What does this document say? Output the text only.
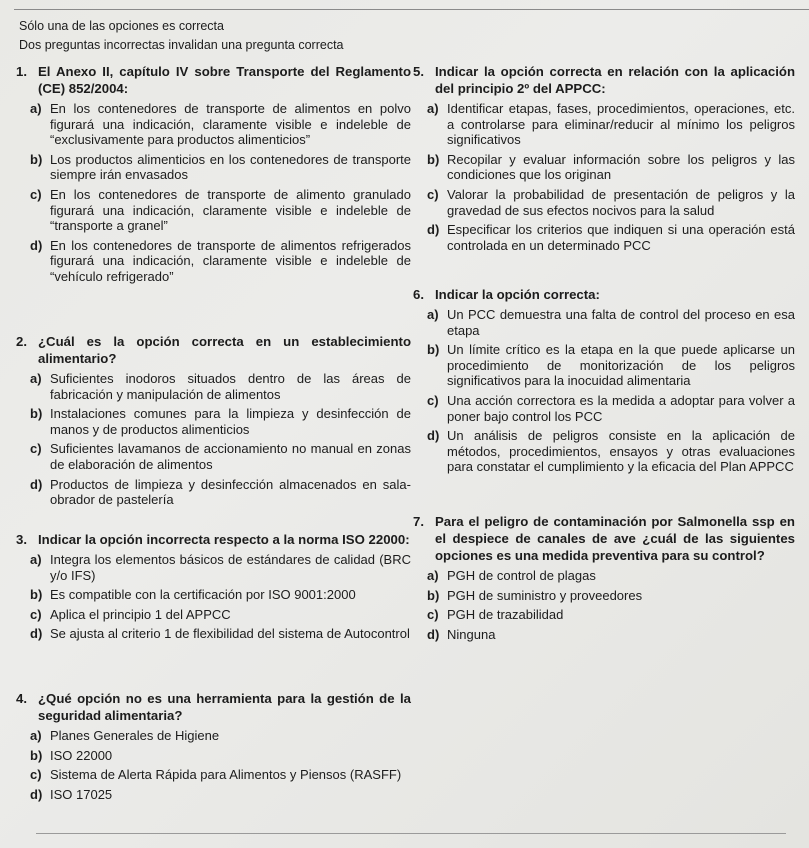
Sólo una de las opciones es correcta
Dos preguntas incorrectas invalidan una pregunta correcta
1. El Anexo II, capítulo IV sobre Transporte del Reglamento (CE) 852/2004:
a) En los contenedores de transporte de alimentos en polvo figurará una indicación, claramente visible e indeleble de “exclusivamente para productos alimenticios”
b) Los productos alimenticios en los contenedores de transporte siempre irán envasados
c) En los contenedores de transporte de alimento granulado figurará una indicación, claramente visible e indeleble de “transporte a granel”
d) En los contenedores de transporte de alimentos refrigerados figurará una indicación, claramente visible e indeleble de “vehículo refrigerado”
2. ¿Cuál es la opción correcta en un establecimiento alimentario?
a) Suficientes inodoros situados dentro de las áreas de fabricación y manipulación de alimentos
b) Instalaciones comunes para la limpieza y desinfección de manos y de productos alimenticios
c) Suficientes lavamanos de accionamiento no manual en zonas de elaboración de alimentos
d) Productos de limpieza y desinfección almacenados en sala-obrador de pastelería
3. Indicar la opción incorrecta respecto a la norma ISO 22000:
a) Integra los elementos básicos de estándares de calidad (BRC y/o IFS)
b) Es compatible con la certificación por ISO 9001:2000
c) Aplica el principio 1 del APPCC
d) Se ajusta al criterio 1 de flexibilidad del sistema de Autocontrol
4. ¿Qué opción no es una herramienta para la gestión de la seguridad alimentaria?
a) Planes Generales de Higiene
b) ISO 22000
c) Sistema de Alerta Rápida para Alimentos y Piensos (RASFF)
d) ISO 17025
5. Indicar la opción correcta en relación con la aplicación del principio 2º del APPCC:
a) Identificar etapas, fases, procedimientos, operaciones, etc. a controlarse para eliminar/reducir al mínimo los peligros significativos
b) Recopilar y evaluar información sobre los peligros y las condiciones que los originan
c) Valorar la probabilidad de presentación de peligros y la gravedad de sus efectos nocivos para la salud
d) Especificar los criterios que indiquen si una operación está controlada en un determinado PCC
6. Indicar la opción correcta:
a) Un PCC demuestra una falta de control del proceso en esa etapa
b) Un límite crítico es la etapa en la que puede aplicarse un procedimiento de monitorización de los peligros significativos para la inocuidad alimentaria
c) Una acción correctora es la medida a adoptar para volver a poner bajo control los PCC
d) Un análisis de peligros consiste en la aplicación de métodos, procedimientos, ensayos y otras evaluaciones para constatar el cumplimiento y la eficacia del Plan APPCC
7. Para el peligro de contaminación por Salmonella ssp en el despiece de canales de ave ¿cuál de las siguientes opciones es una medida preventiva para su control?
a) PGH de control de plagas
b) PGH de suministro y proveedores
c) PGH de trazabilidad
d) Ninguna
